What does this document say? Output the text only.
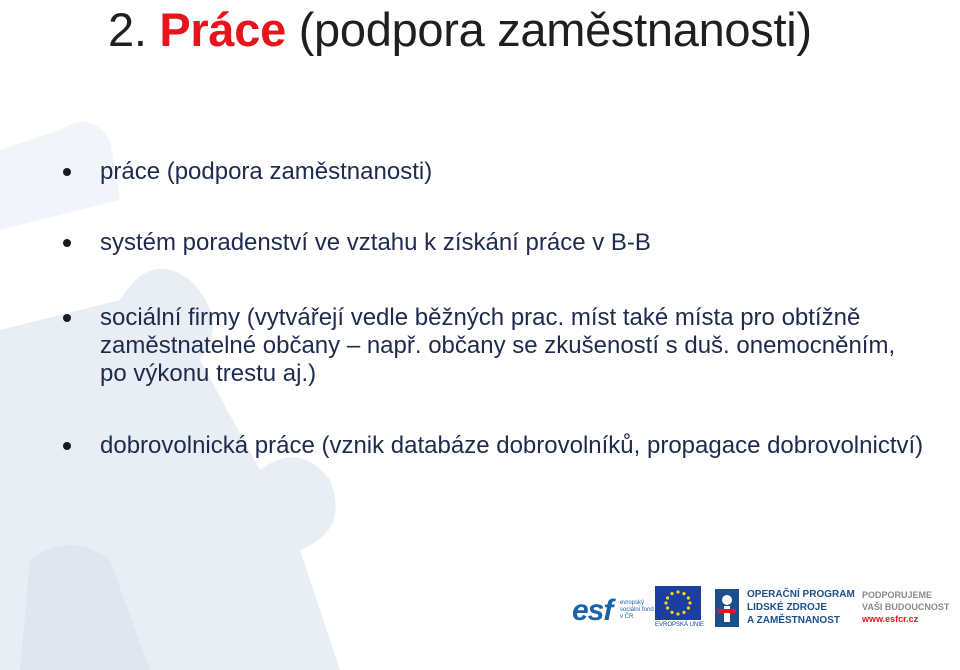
2. Práce (podpora zaměstnanosti)
práce (podpora zaměstnanosti)
systém poradenství ve vztahu k získání práce v B-B
sociální firmy (vytvářejí vedle běžných prac. míst také místa pro obtížně zaměstnatelné občany – např. občany se zkušeností s duš. onemocněním, po výkonu trestu aj.)
dobrovolnická práce (vznik databáze dobrovolníků, propagace dobrovolnictví)
esf evropský sociální fond v ČR
EVROPSKÁ UNIE
OPERAČNÍ PROGRAM
LIDSKÉ ZDROJE
A ZAMĚSTNANOST
PODPORUJEME
VAŠI BUDOUCNOST
www.esfcr.cz
